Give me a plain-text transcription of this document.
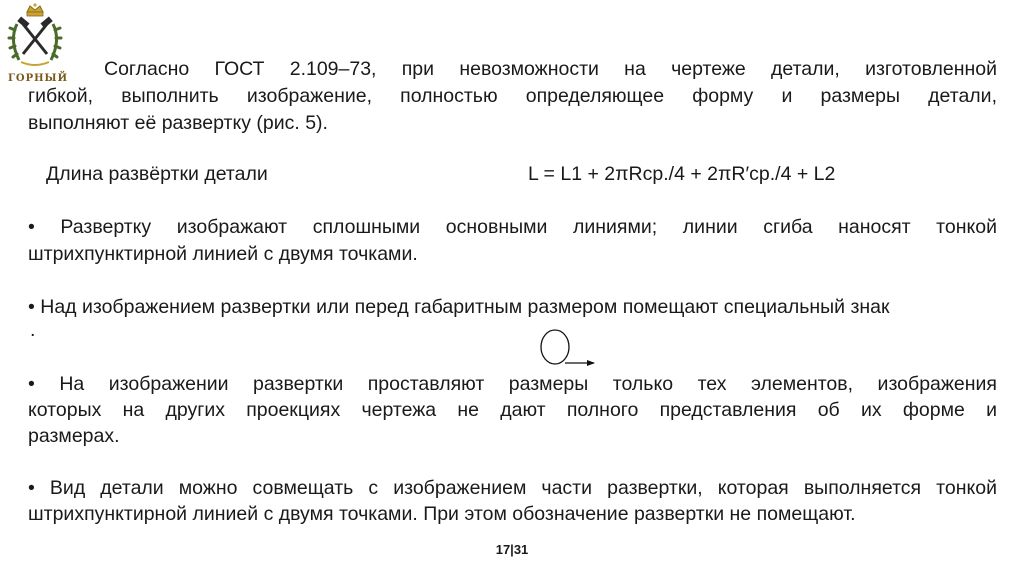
ГОРНЫЙ Согласно ГОСТ 2.109–73, при невозможности на чертеже детали, изготовленной
гибкой, выполнить изображение, полностью определяющее форму и размеры детали,
выполняют её развертку (рис. 5).
Длина развёртки детали	L = L1 + 2πRср./4 + 2πR′ср./4 + L2
• Развертку изображают сплошными основными линиями; линии сгиба наносят тонкой
штрихпунктирной линией с двумя точками.
• Над изображением развертки или перед габаритным размером помещают специальный знак
.
• На изображении развертки проставляют размеры только тех элементов, изображения
которых на других проекциях чертежа не дают полного представления об их форме и
размерах.
• Вид детали можно совмещать с изображением части развертки, которая выполняется тонкой
штрихпунктирной линией с двумя точками. При этом обозначение развертки не помещают.
17|31
